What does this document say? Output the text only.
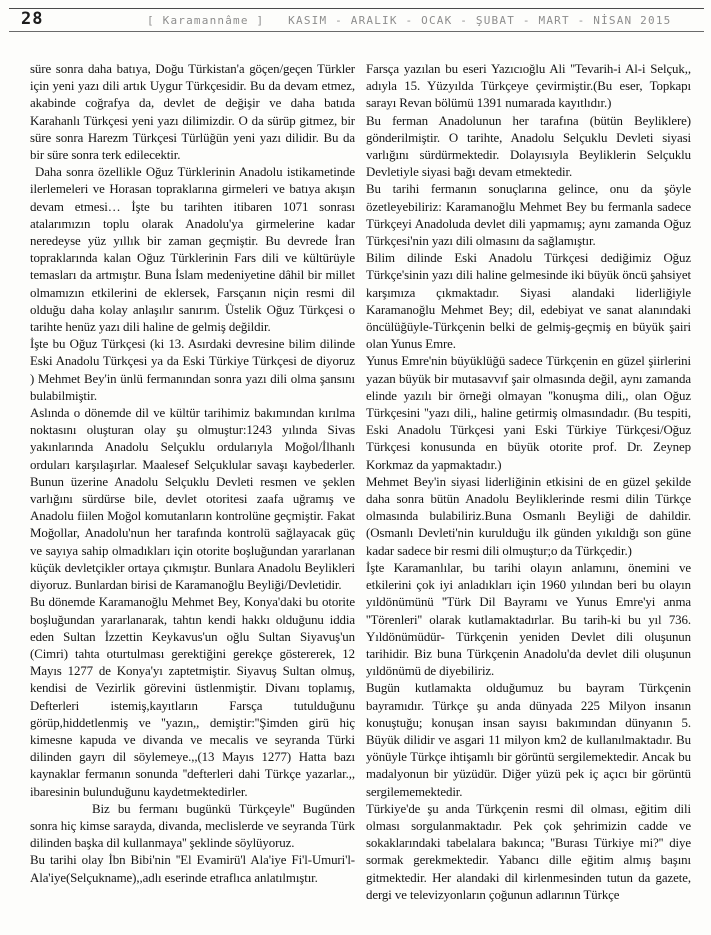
28	[ Karamannâme ] KASIM - ARALIK - OCAK - ŞUBAT - MART - NİSAN 2015

süre sonra daha batıya, Doğu Türkistan'a göçen/geçen Türkler için yeni yazı dili artık Uygur Türkçesidir. Bu da devam etmez, akabinde coğrafya da, devlet de değişir ve daha batıda Karahanlı Türkçesi yeni yazı dilimizdir. O da sürüp gitmez, bir süre sonra Harezm Türkçesi Türlüğün yeni yazı dilidir. Bu da bir süre sonra terk edilecektir.

Daha sonra özellikle Oğuz Türklerinin Anadolu istikametinde ilerlemeleri ve Horasan topraklarına girmeleri ve batıya akışın devam etmesi… İşte bu tarihten itibaren 1071 sonrası atalarımızın toplu olarak Anadolu'ya girmelerine kadar neredeyse yüz yıllık bir zaman geçmiştir. Bu devrede İran topraklarında kalan Oğuz Türklerinin Fars dili ve kültürüyle temasları da artmıştır. Buna İslam medeniyetine dâhil bir millet olmamızın etkilerini de eklersek, Farsçanın niçin resmi dil olduğu daha kolay anlaşılır sanırım. Üstelik Oğuz Türkçesi o tarihte henüz yazı dili haline de gelmiş değildir.

İşte bu Oğuz Türkçesi (ki 13. Asırdaki devresine bilim dilinde Eski Anadolu Türkçesi ya da Eski Türkiye Türkçesi de diyoruz ) Mehmet Bey'in ünlü fermanından sonra yazı dili olma şansını bulabilmiştir.

Aslında o dönemde dil ve kültür tarihimiz bakımından kırılma noktasını oluşturan olay şu olmuştur:1243 yılında Sivas yakınlarında Anadolu Selçuklu ordularıyla Moğol/İlhanlı orduları karşılaşırlar. Maalesef Selçuklular savaşı kaybederler. Bunun üzerine Anadolu Selçuklu Devleti resmen ve şeklen varlığını sürdürse bile, devlet otoritesi zaafa uğramış ve Anadolu fiilen Moğol komutanların kontrolüne geçmiştir. Fakat Moğollar, Anadolu'nun her tarafında kontrolü sağlayacak güç ve sayıya sahip olmadıkları için otorite boşluğundan yararlanan küçük devletçikler ortaya çıkmıştır. Bunlara Anadolu Beylikleri diyoruz. Bunlardan birisi de Karamanoğlu Beyliği/Devletidir.

Bu dönemde Karamanoğlu Mehmet Bey, Konya'daki bu otorite boşluğundan yararlanarak, tahtın kendi hakkı olduğunu iddia eden Sultan İzzettin Keykavus'un oğlu Sultan Siyavuş'un (Cimri) tahta oturtulması gerektiğini gerekçe göstererek, 12 Mayıs 1277 de Konya'yı zaptetmiştir. Siyavuş Sultan olmuş, kendisi de Vezirlik görevini üstlenmiştir. Divanı toplamış, Defterleri istemiş,kayıtların Farsça tutulduğunu görüp,hiddetlenmiş ve ''yazın,, demiştir:''Şimden girü hiç kimesne kapuda ve divanda ve mecalis ve seyranda Türki dilinden gayrı dil söylemeye.,,(13 Mayıs 1277) Hatta bazı kaynaklar fermanın sonunda ''defterleri dahi Türkçe yazarlar.,, ibaresinin bulunduğunu kaydetmektedirler.

Biz bu fermanı bugünkü Türkçeyle'' Bugünden sonra hiç kimse sarayda, divanda, meclislerde ve seyranda Türk dilinden başka dil kullanmaya'' şeklinde söylüyoruz.

Bu tarihi olay İbn Bibi'nin ''El Evamirü'l Ala'iye Fi'l-Umuri'l-Ala'iye(Selçukname),,adlı eserinde etraflıca anlatılmıştır.

Farsça yazılan bu eseri Yazıcıoğlu Ali ''Tevarih-i Al-i Selçuk,, adıyla 15. Yüzyılda Türkçeye çevirmiştir.(Bu eser, Topkapı sarayı Revan bölümü 1391 numarada kayıtlıdır.)

Bu ferman Anadolunun her tarafına (bütün Beyliklere) gönderilmiştir. O tarihte, Anadolu Selçuklu Devleti siyasi varlığını sürdürmektedir. Dolayısıyla Beyliklerin Selçuklu Devletiyle siyasi bağı devam etmektedir.

Bu tarihi fermanın sonuçlarına gelince, onu da şöyle özetleyebiliriz: Karamanoğlu Mehmet Bey bu fermanla sadece Türkçeyi Anadoluda devlet dili yapmamış; aynı zamanda Oğuz Türkçesi'nin yazı dili olmasını da sağlamıştır.

Bilim dilinde Eski Anadolu Türkçesi dediğimiz Oğuz Türkçe'sinin yazı dili haline gelmesinde iki büyük öncü şahsiyet karşımıza çıkmaktadır. Siyasi alandaki liderliğiyle Karamanoğlu Mehmet Bey; dil, edebiyat ve sanat alanındaki öncülüğüyle-Türkçenin belki de gelmiş-geçmiş en büyük şairi olan Yunus Emre.

Yunus Emre'nin büyüklüğü sadece Türkçenin en güzel şiirlerini yazan büyük bir mutasavvıf şair olmasında değil, aynı zamanda elinde yazılı bir örneği olmayan ''konuşma dili,, olan Oğuz Türkçesini ''yazı dili,, haline getirmiş olmasındadır. (Bu tespiti, Eski Anadolu Türkçesi yani Eski Türkiye Türkçesi/Oğuz Türkçesi konusunda en büyük otorite prof. Dr. Zeynep Korkmaz da yapmaktadır.)

Mehmet Bey'in siyasi liderliğinin etkisini de en güzel şekilde daha sonra bütün Anadolu Beyliklerinde resmi dilin Türkçe olmasında bulabiliriz.Buna Osmanlı Beyliği de dahildir.(Osmanlı Devleti'nin kurulduğu ilk günden yıkıldığı son güne kadar sadece bir resmi dili olmuştur;o da Türkçedir.)

İşte Karamanlılar, bu tarihi olayın anlamını, önemini ve etkilerini çok iyi anladıkları için 1960 yılından beri bu olayın yıldönümünü ''Türk Dil Bayramı ve Yunus Emre'yi anma ''Törenleri'' olarak kutlamaktadırlar. Bu tarih-ki bu yıl 736. Yıldönümüdür- Türkçenin yeniden Devlet dili oluşunun tarihidir. Biz buna Türkçenin Anadolu'da devlet dili oluşunun yıldönümü de diyebiliriz.

Bugün kutlamakta olduğumuz bu bayram Türkçenin bayramıdır. Türkçe şu anda dünyada 225 Milyon insanın konuştuğu; konuşan insan sayısı bakımından dünyanın 5. Büyük dilidir ve asgari 11 milyon km2 de kullanılmaktadır. Bu yönüyle Türkçe ihtişamlı bir görüntü sergilemektedir. Ancak bu madalyonun bir yüzüdür. Diğer yüzü pek iç açıcı bir görüntü sergilememektedir.

Türkiye'de şu anda Türkçenin resmi dil olması, eğitim dili olması sorgulanmaktadır. Pek çok şehrimizin cadde ve sokaklarındaki tabelalara bakınca; ''Burası Türkiye mi?'' diye sormak gerekmektedir. Yabancı dille eğitim almış başını gitmektedir. Her alandaki dil kirlenmesinden tutun da gazete, dergi ve televizyonların çoğunun adlarının Türkçe
